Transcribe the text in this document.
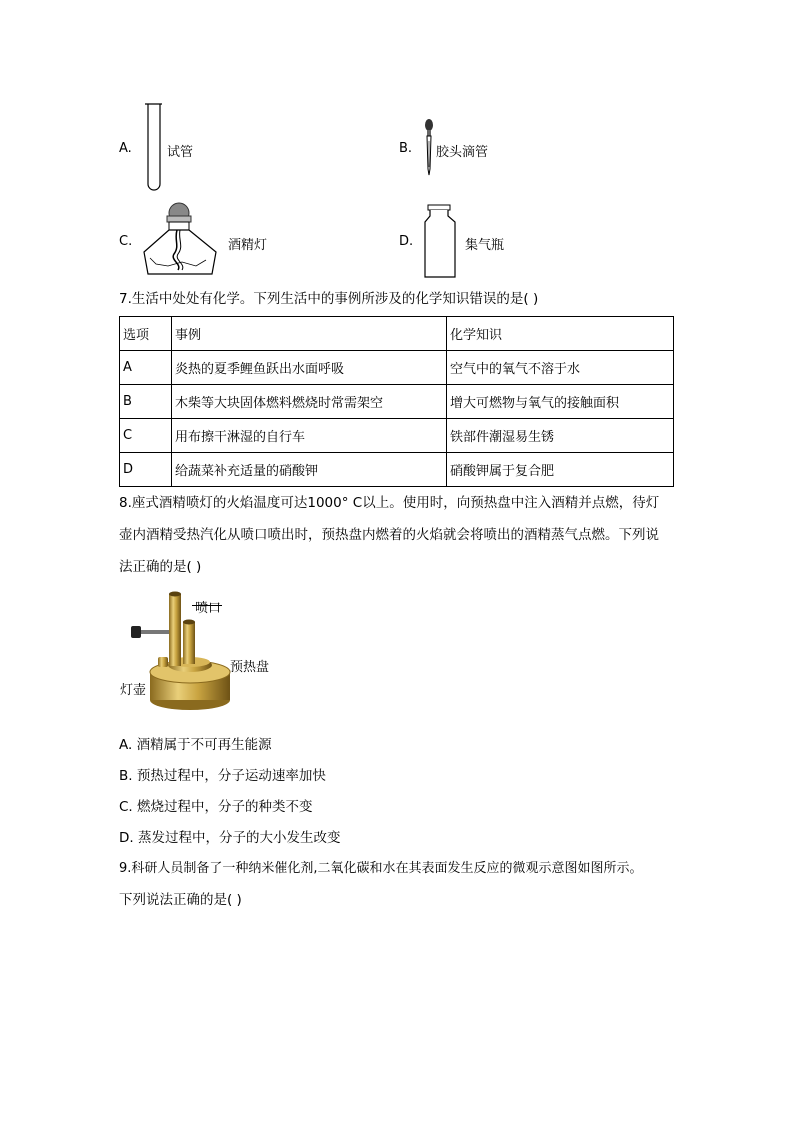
A.	试管	B. 胶头滴管
C.	酒精灯	D.	集气瓶
7.生活中处处有化学。下列生活中的事例所涉及的化学知识错误的是( )
选项	事例	化学知识
A	炎热的夏季鲤鱼跃出水面呼吸	空气中的氧气不溶于水
B	木柴等大块固体燃料燃烧时常需架空	增大可燃物与氧气的接触面积
C	用布擦干淋湿的自行车	铁部件潮湿易生锈
D	给蔬菜补充适量的硝酸钾	硝酸钾属于复合肥
8.座式酒精喷灯的火焰温度可达1000° C以上。使用时，向预热盘中注入酒精并点燃，待灯
壶内酒精受热汽化从喷口喷出时，预热盘内燃着的火焰就会将喷出的酒精蒸气点燃。下列说
法正确的是( )
喷口
预热盘
灯壶
A. 酒精属于不可再生能源
B. 预热过程中，分子运动速率加快
C. 燃烧过程中，分子的种类不变
D. 蒸发过程中，分子的大小发生改变
9.科研人员制备了一种纳米催化剂,二氧化碳和水在其表面发生反应的微观示意图如图所示。
下列说法正确的是( )
